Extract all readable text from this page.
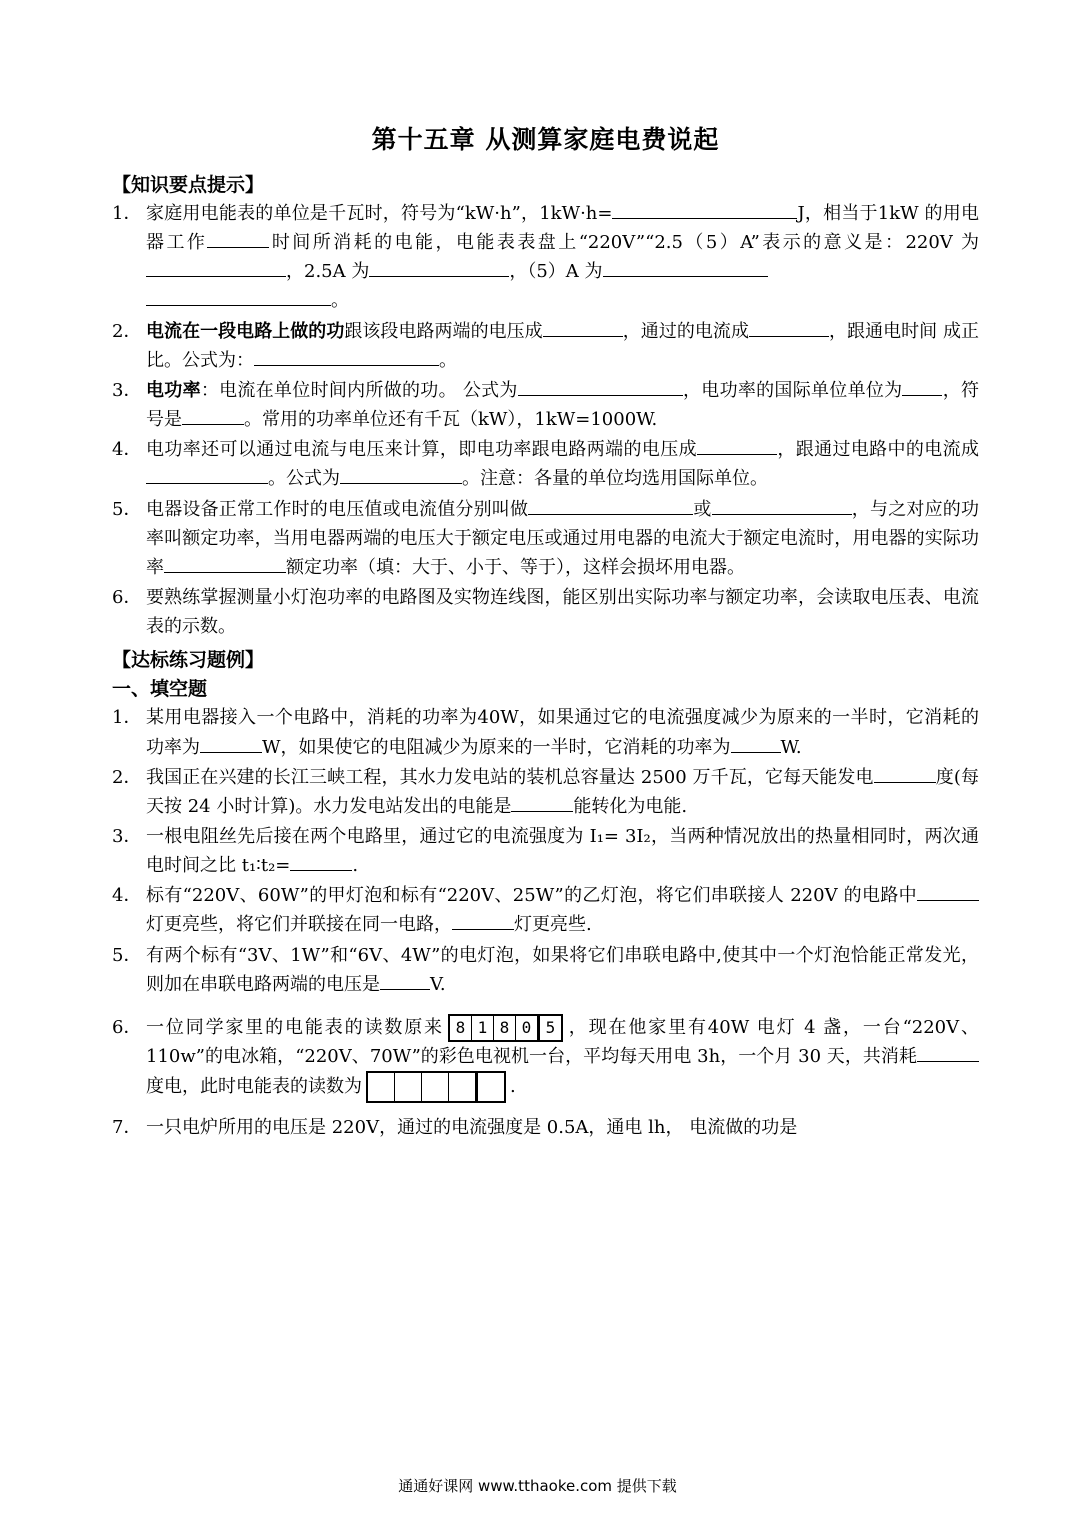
第十五章 从测算家庭电费说起
【知识要点提示】
1． 家庭用电能表的单位是千瓦时，符号为“kW·h”，1kW·h=	J，相当于1kW 的用电器工作	时间所消耗的电能，电能表表盘上“220V”“2.5（5）A”表示的意义是：220V 为，2.5A 为	，（5）A 为
。
2． 电流在一段电路上做的功跟该段电路两端的电压成	，通过的电流成	，跟通电时间 成正比。公式为：	。
3． 电功率：电流在单位时间内所做的功。 公式为	，电功率的国际单位单位为 ，符号是	。常用的功率单位还有千瓦（kW），1kW=1000W.
4． 电功率还可以通过电流与电压来计算，即电功率跟电路两端的电压成	，跟通过电路中的电流成。公式为	。注意：各量的单位均选用国际单位。
5． 电器设备正常工作时的电压值或电流值分别叫做	或	，与之对应的功率叫额定功率，当用电器两端的电压大于额定电压或通过用电器的电流大于额定电流时，用电器的实际功率	额定功率（填：大于、小于、等于），这样会损坏用电器。
6． 要熟练掌握测量小灯泡功率的电路图及实物连线图，能区别出实际功率与额定功率，会读取电压表、电流表的示数。
【达标练习题例】
一、填空题
1． 某用电器接入一个电路中，消耗的功率为40W，如果通过它的电流强度减少为原来的一半时，它消耗的功率为	W，如果使它的电阻减少为原来的一半时，它消耗的功率为	W.
2． 我国正在兴建的长江三峡工程，其水力发电站的装机总容量达 2500 万千瓦，它每天能发电	度(每天按 24 小时计算)。水力发电站发出的电能是	能转化为电能.
3． 一根电阻丝先后接在两个电路里，通过它的电流强度为 I₁= 3I₂，当两种情况放出的热量相同时，两次通电时间之比 t₁∶t₂=	.
4． 标有“220V、60W”的甲灯泡和标有“220V、25W”的乙灯泡，将它们串联接人 220V 的电路中灯更亮些，将它们并联接在同一电路，	灯更亮些.
5． 有两个标有“3V、1W”和“6V、4W”的电灯泡，如果将它们串联电路中,使其中一个灯泡恰能正常发光，则加在串联电路两端的电压是	V.
6． 一位同学家里的电能表的读数原来 8 1 8 0 5 ，现在他家里有40W 电灯 4 盏，一台“220V、 110w”的电冰箱，“220V、70W”的彩色电视机一台，平均每天用电 3h，一个月 30 天，共消耗度电，此时电能表的读数为	.
7． 一只电炉所用的电压是 220V，通过的电流强度是 0.5A，通电 lh， 电流做的功是
通通好课网 www.tthaoke.com 提供下载
